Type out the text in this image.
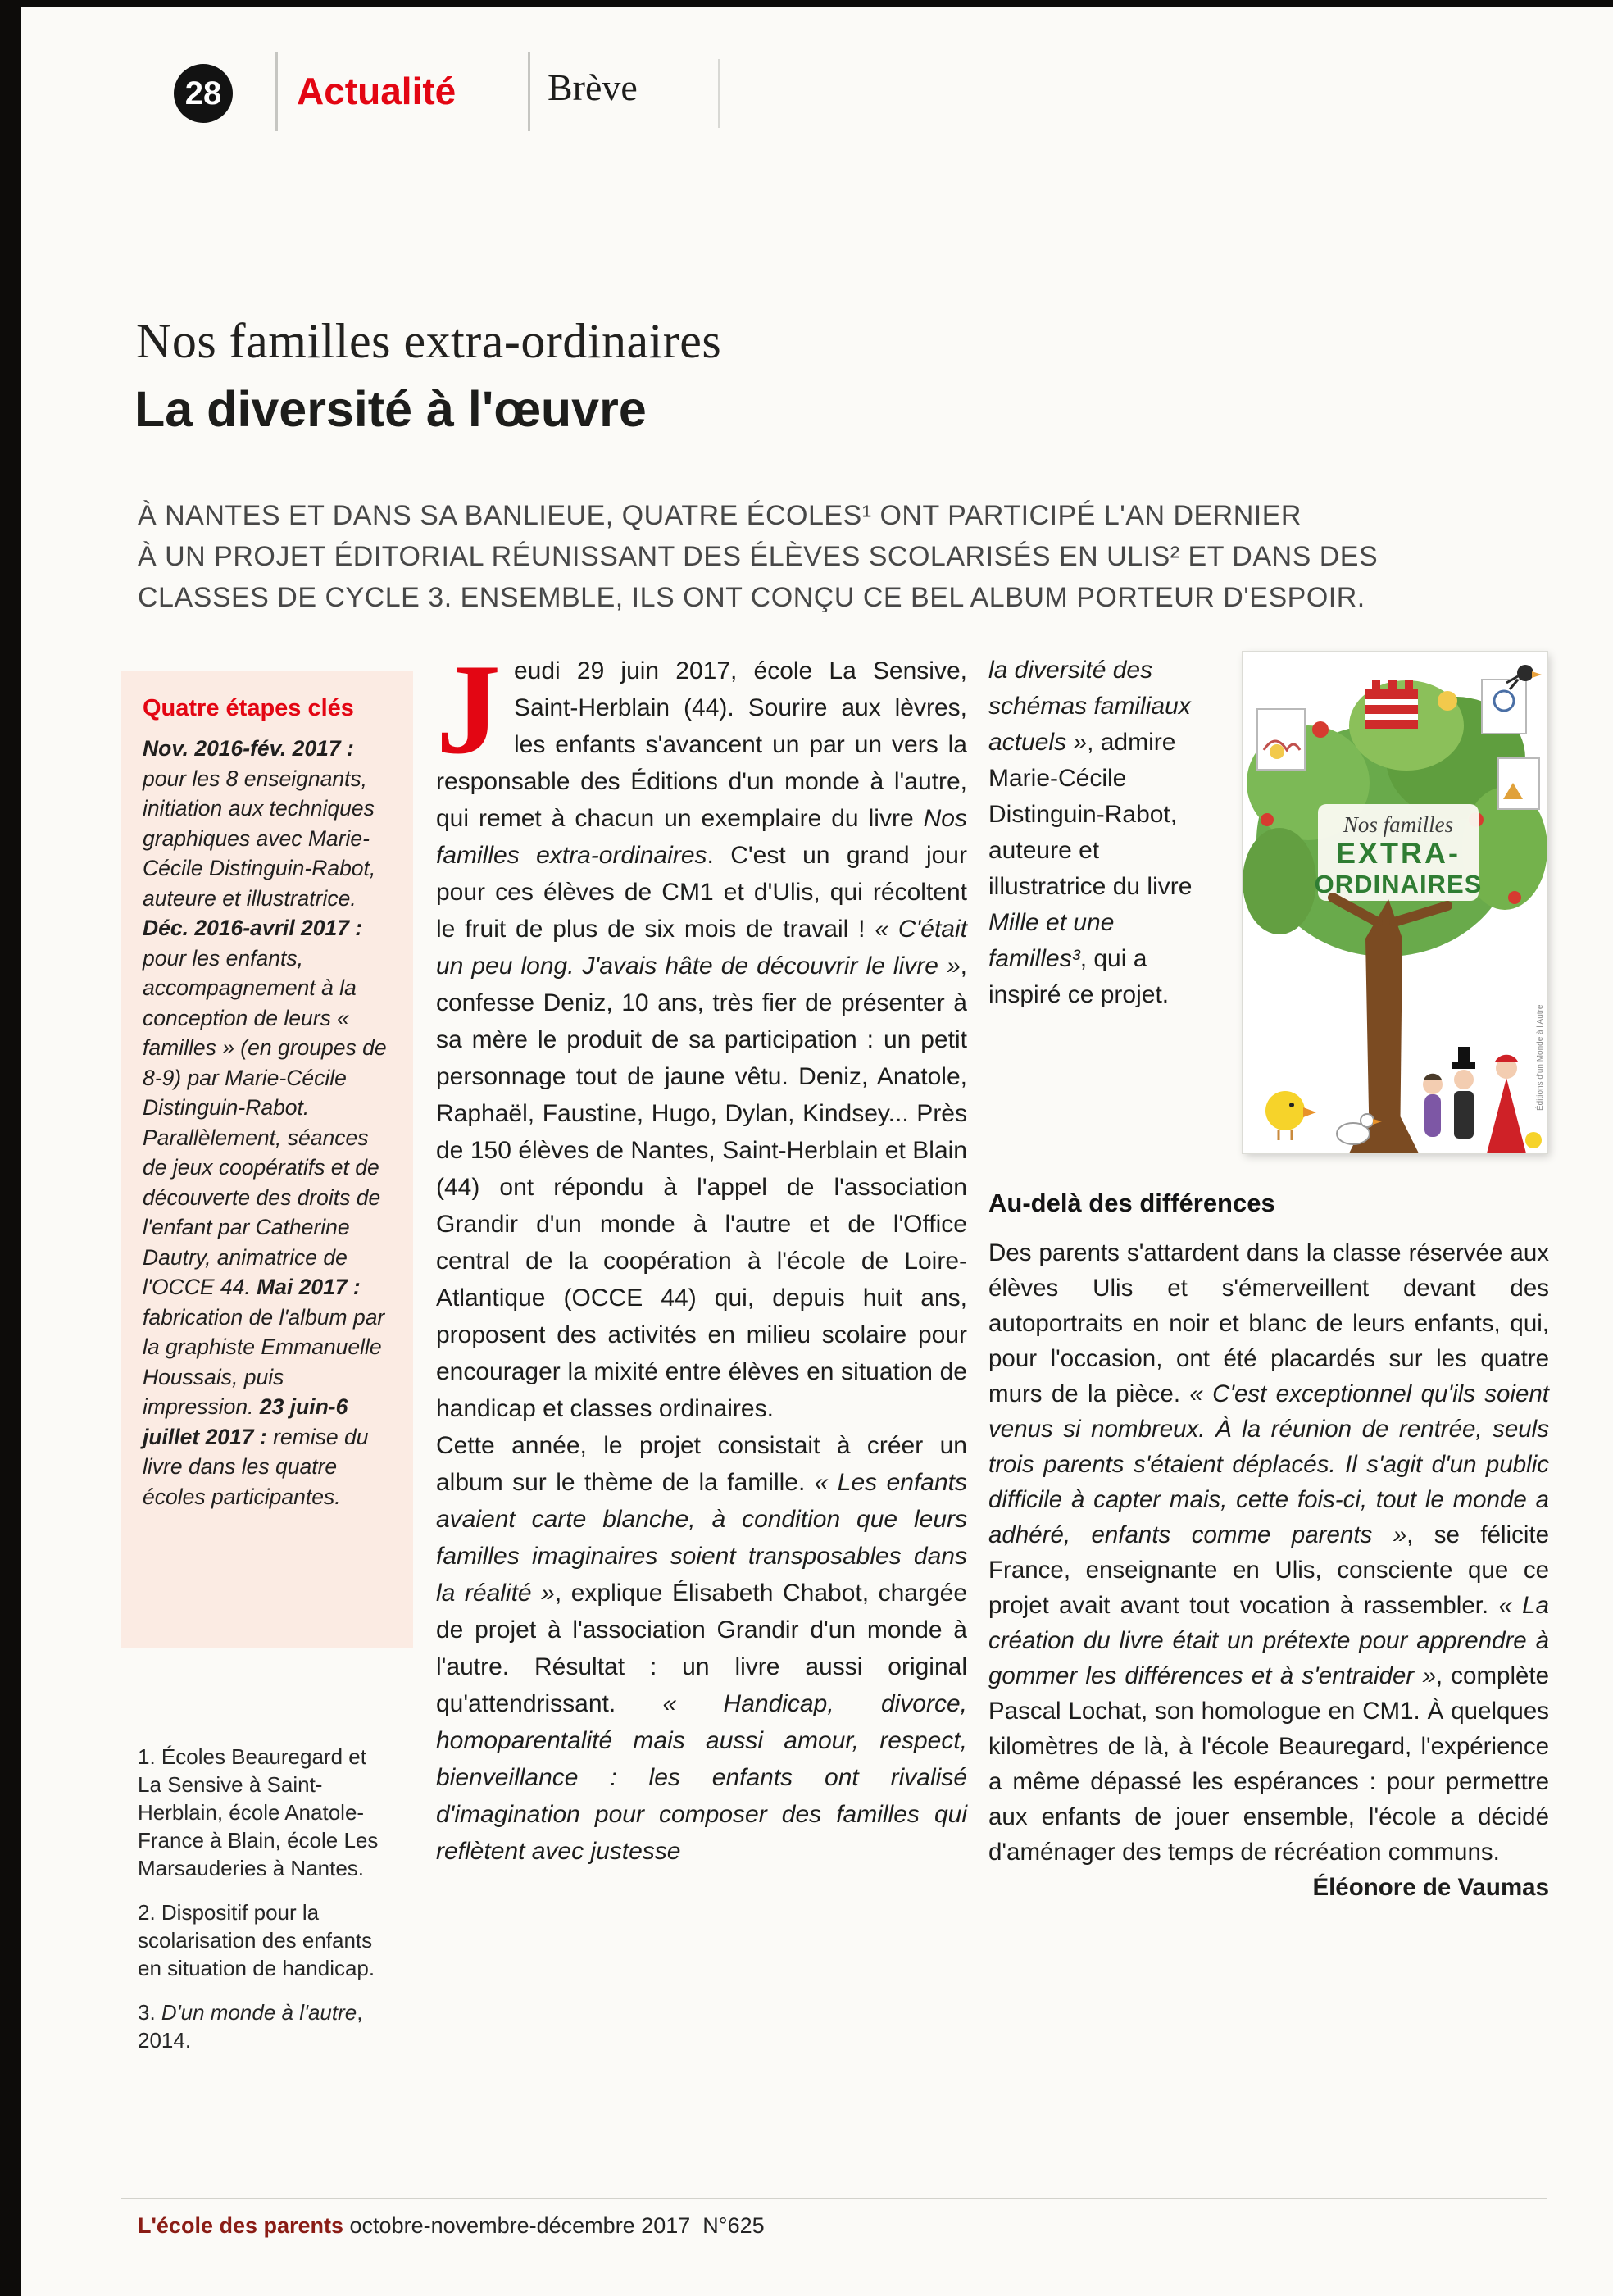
28 Actualité Brève
Nos familles extra-ordinaires
La diversité à l'œuvre
À NANTES ET DANS SA BANLIEUE, QUATRE ÉCOLES¹ ONT PARTICIPÉ L'AN DERNIER
À UN PROJET ÉDITORIAL RÉUNISSANT DES ÉLÈVES SCOLARISÉS EN ULIS² ET DANS DES
CLASSES DE CYCLE 3. ENSEMBLE, ILS ONT CONÇU CE BEL ALBUM PORTEUR D'ESPOIR.
Quatre étapes clés
Nov. 2016-fév. 2017 : pour les 8 enseignants, initiation aux techniques graphiques avec Marie-Cécile Distinguin-Rabot, auteure et illustratrice. Déc. 2016-avril 2017 : pour les enfants, accompagnement à la conception de leurs « familles » (en groupes de 8-9) par Marie-Cécile Distinguin-Rabot. Parallèlement, séances de jeux coopératifs et de découverte des droits de l'enfant par Catherine Dautry, animatrice de l'OCCE 44. Mai 2017 : fabrication de l'album par la graphiste Emmanuelle Houssais, puis impression. 23 juin-6 juillet 2017 : remise du livre dans les quatre écoles participantes.

1. Écoles Beauregard et La Sensive à Saint-Herblain, école Anatole-France à Blain, école Les Marsauderies à Nantes.

2. Dispositif pour la scolarisation des enfants en situation de handicap.

3. D'un monde à l'autre, 2014.

Jeudi 29 juin 2017, école La Sensive, Saint-Herblain (44). Sourire aux lèvres, les enfants s'avancent un par un vers la responsable des Éditions d'un monde à l'autre, qui remet à chacun un exemplaire du livre Nos familles extra-ordinaires. C'est un grand jour pour ces élèves de CM1 et d'Ulis, qui récoltent le fruit de plus de six mois de travail ! « C'était un peu long. J'avais hâte de découvrir le livre », confesse Deniz, 10 ans, très fier de présenter à sa mère le produit de sa participation : un petit personnage tout de jaune vêtu. Deniz, Anatole, Raphaël, Faustine, Hugo, Dylan, Kindsey... Près de 150 élèves de Nantes, Saint-Herblain et Blain (44) ont répondu à l'appel de l'association Grandir d'un monde à l'autre et de l'Office central de la coopération à l'école de Loire-Atlantique (OCCE 44) qui, depuis huit ans, proposent des activités en milieu scolaire pour encourager la mixité entre élèves en situation de handicap et classes ordinaires.

Cette année, le projet consistait à créer un album sur le thème de la famille. « Les enfants avaient carte blanche, à condition que leurs familles imaginaires soient transposables dans la réalité », explique Élisabeth Chabot, chargée de projet à l'association Grandir d'un monde à l'autre. Résultat : un livre aussi original qu'attendrissant. « Handicap, divorce, homoparentalité mais aussi amour, respect, bienveillance : les enfants ont rivalisé d'imagination pour composer des familles qui reflètent avec justesse

la diversité des schémas familiaux actuels », admire Marie-Cécile Distinguin-Rabot, auteure et illustratrice du livre Mille et une familles³, qui a inspiré ce projet.

Nos familles
EXTRA-
ORDINAIRES
Éditions d'un Monde à l'Autre
Au-delà des différences

Des parents s'attardent dans la classe réservée aux élèves Ulis et s'émerveillent devant des autoportraits en noir et blanc de leurs enfants, qui, pour l'occasion, ont été placardés sur les quatre murs de la pièce. « C'est exceptionnel qu'ils soient venus si nombreux. À la réunion de rentrée, seuls trois parents s'étaient déplacés. Il s'agit d'un public difficile à capter mais, cette fois-ci, tout le monde a adhéré, enfants comme parents », se félicite France, enseignante en Ulis, consciente que ce projet avait avant tout vocation à rassembler. « La création du livre était un prétexte pour apprendre à gommer les différences et à s'entraider », complète Pascal Lochat, son homologue en CM1. À quelques kilomètres de là, à l'école Beauregard, l'expérience a même dépassé les espérances : pour permettre aux enfants de jouer ensemble, l'école a décidé d'aménager des temps de récréation communs.
Éléonore de Vaumas

L'école des parents octobre-novembre-décembre 2017 N°625
